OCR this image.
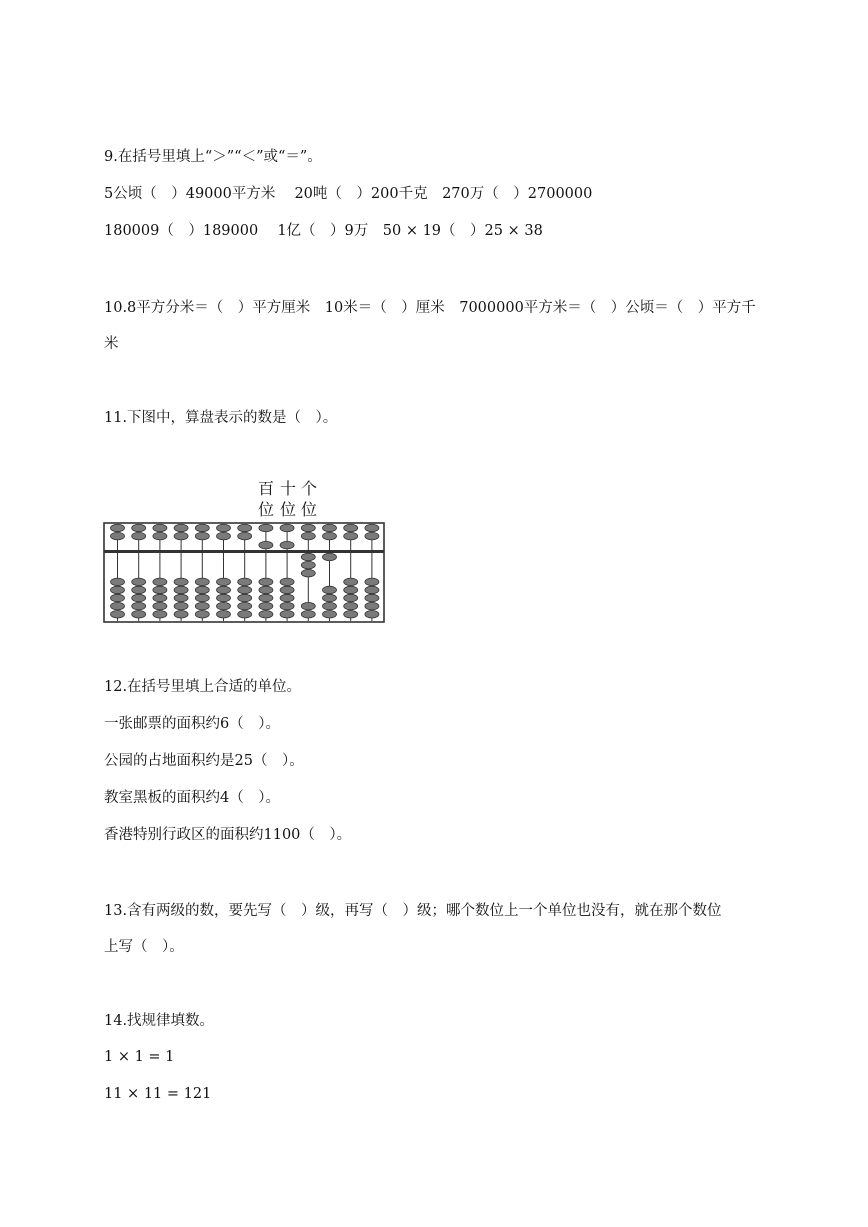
9.在括号里填上“＞”“＜”或“＝”。
5公顷（　）49000平方米　 20吨（　）200千克　270万（　）2700000
180009（　）189000　 1亿（　）9万　50 × 19（　）25 × 38
10.8平方分米＝（　）平方厘米　10米＝（　）厘米　7000000平方米＝（　）公顷＝（　）平方千
米
11.下图中，算盘表示的数是（　）。
百 十 个
位 位 位
12.在括号里填上合适的单位。
一张邮票的面积约6（　）。
公园的占地面积约是25（　）。
教室黑板的面积约4（　）。
香港特别行政区的面积约1100（　）。
13.含有两级的数，要先写（　）级，再写（　）级；哪个数位上一个单位也没有，就在那个数位
上写（　）。
14.找规律填数。
1 × 1 = 1
11 × 11 = 121
